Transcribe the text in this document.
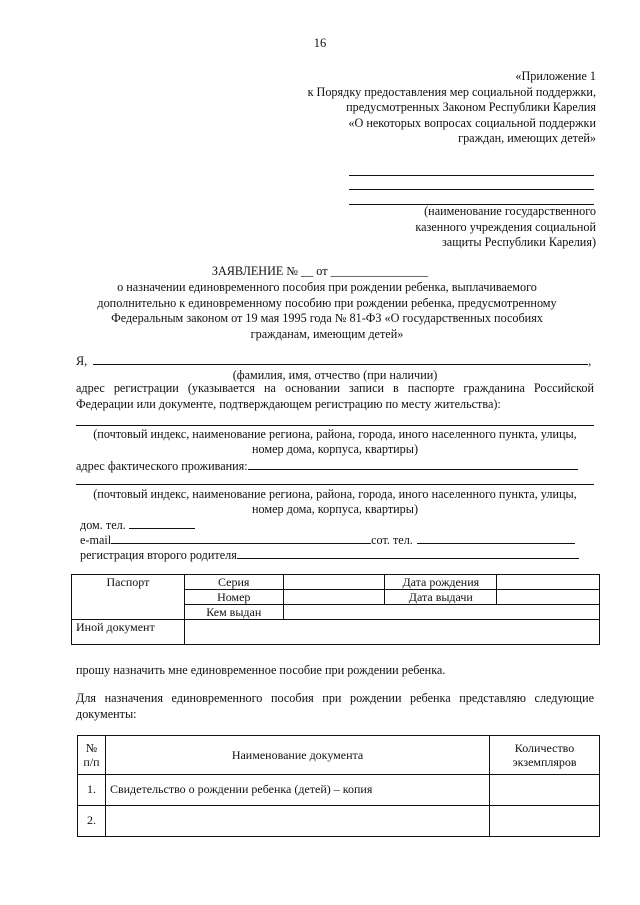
16
«Приложение 1
к Порядку предоставления мер социальной поддержки,
предусмотренных Законом Республики Карелия
«О некоторых вопросах социальной поддержки
граждан, имеющих детей»
(наименование государственного
казенного учреждения социальной
защиты Республики Карелия)
ЗАЯВЛЕНИЕ № __ от ________________
о назначении единовременного пособия при рождении ребенка, выплачиваемого
дополнительно к единовременному пособию при рождении ребенка, предусмотренному
Федеральным законом от 19 мая 1995 года № 81-ФЗ «О государственных пособиях
гражданам, имеющим детей»
Я,	,
(фамилия, имя, отчество (при наличии)
адрес регистрации (указывается на основании записи в паспорте гражданина Российской Федерации или документе, подтверждающем регистрацию по месту жительства):
(почтовый индекс, наименование региона, района, города, иного населенного пункта, улицы,
номер дома, корпуса, квартиры)
адрес фактического проживания:
(почтовый индекс, наименование региона, района, города, иного населенного пункта, улицы,
номер дома, корпуса, квартиры)
дом. тел.
e-mail	сот. тел.
регистрация второго родителя
Паспорт	Серия		Дата рождения	
	Номер		Дата выдачи	
	Кем выдан			
Иной документ				
прошу назначить мне единовременное пособие при рождении ребенка.
Для назначения единовременного пособия при рождении ребенка представляю следующие документы:
№ п/п	Наименование документа	Количество экземпляров
1.	Свидетельство о рождении ребенка (детей) – копия	
2.		
